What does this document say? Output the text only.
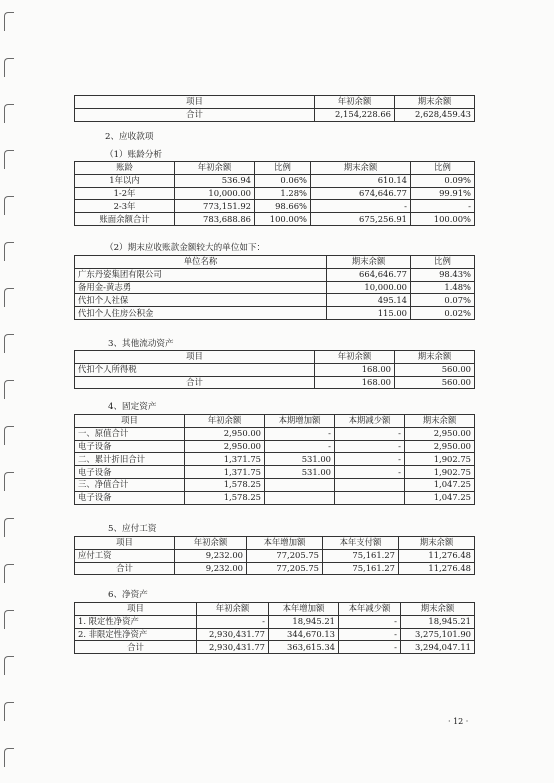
项目	年初余额	期末余额
合计	2,154,228.66	2,628,459.43
2、应收款项
（1）账龄分析
账龄	年初余额	比例	期末余额	比例
1年以内	536.94	0.06%	610.14	0.09%
1-2年	10,000.00	1.28%	674,646.77	99.91%
2-3年	773,151.92	98.66%	-	-
账面余额合计	783,688.86	100.00%	675,256.91	100.00%
（2）期末应收账款金额较大的单位如下：
单位名称	期末余额	比例
广东丹姿集团有限公司	664,646.77	98.43%
备用金-黄志勇	10,000.00	1.48%
代扣个人社保	495.14	0.07%
代扣个人住房公积金	115.00	0.02%
3、其他流动资产
项目	年初余额	期末余额
代扣个人所得税	168.00	560.00
合计	168.00	560.00
4、固定资产
项目	年初余额	本期增加额	本期减少额	期末余额
一、原值合计	2,950.00	-	-	2,950.00
电子设备	2,950.00	-	-	2,950.00
二、累计折旧合计	1,371.75	531.00	-	1,902.75
电子设备	1,371.75	531.00	-	1,902.75
三、净值合计	1,578.25			1,047.25
电子设备	1,578.25			1,047.25
5、应付工资
项目	年初余额	本年增加额	本年支付额	期末余额
应付工资	9,232.00	77,205.75	75,161.27	11,276.48
合计	9,232.00	77,205.75	75,161.27	11,276.48
6、净资产
项目	年初余额	本年增加额	本年减少额	期末余额
1. 限定性净资产	-	18,945.21	-	18,945.21
2. 非限定性净资产	2,930,431.77	344,670.13	-	3,275,101.90
合计	2,930,431.77	363,615.34	-	3,294,047.11
· 12 ·
